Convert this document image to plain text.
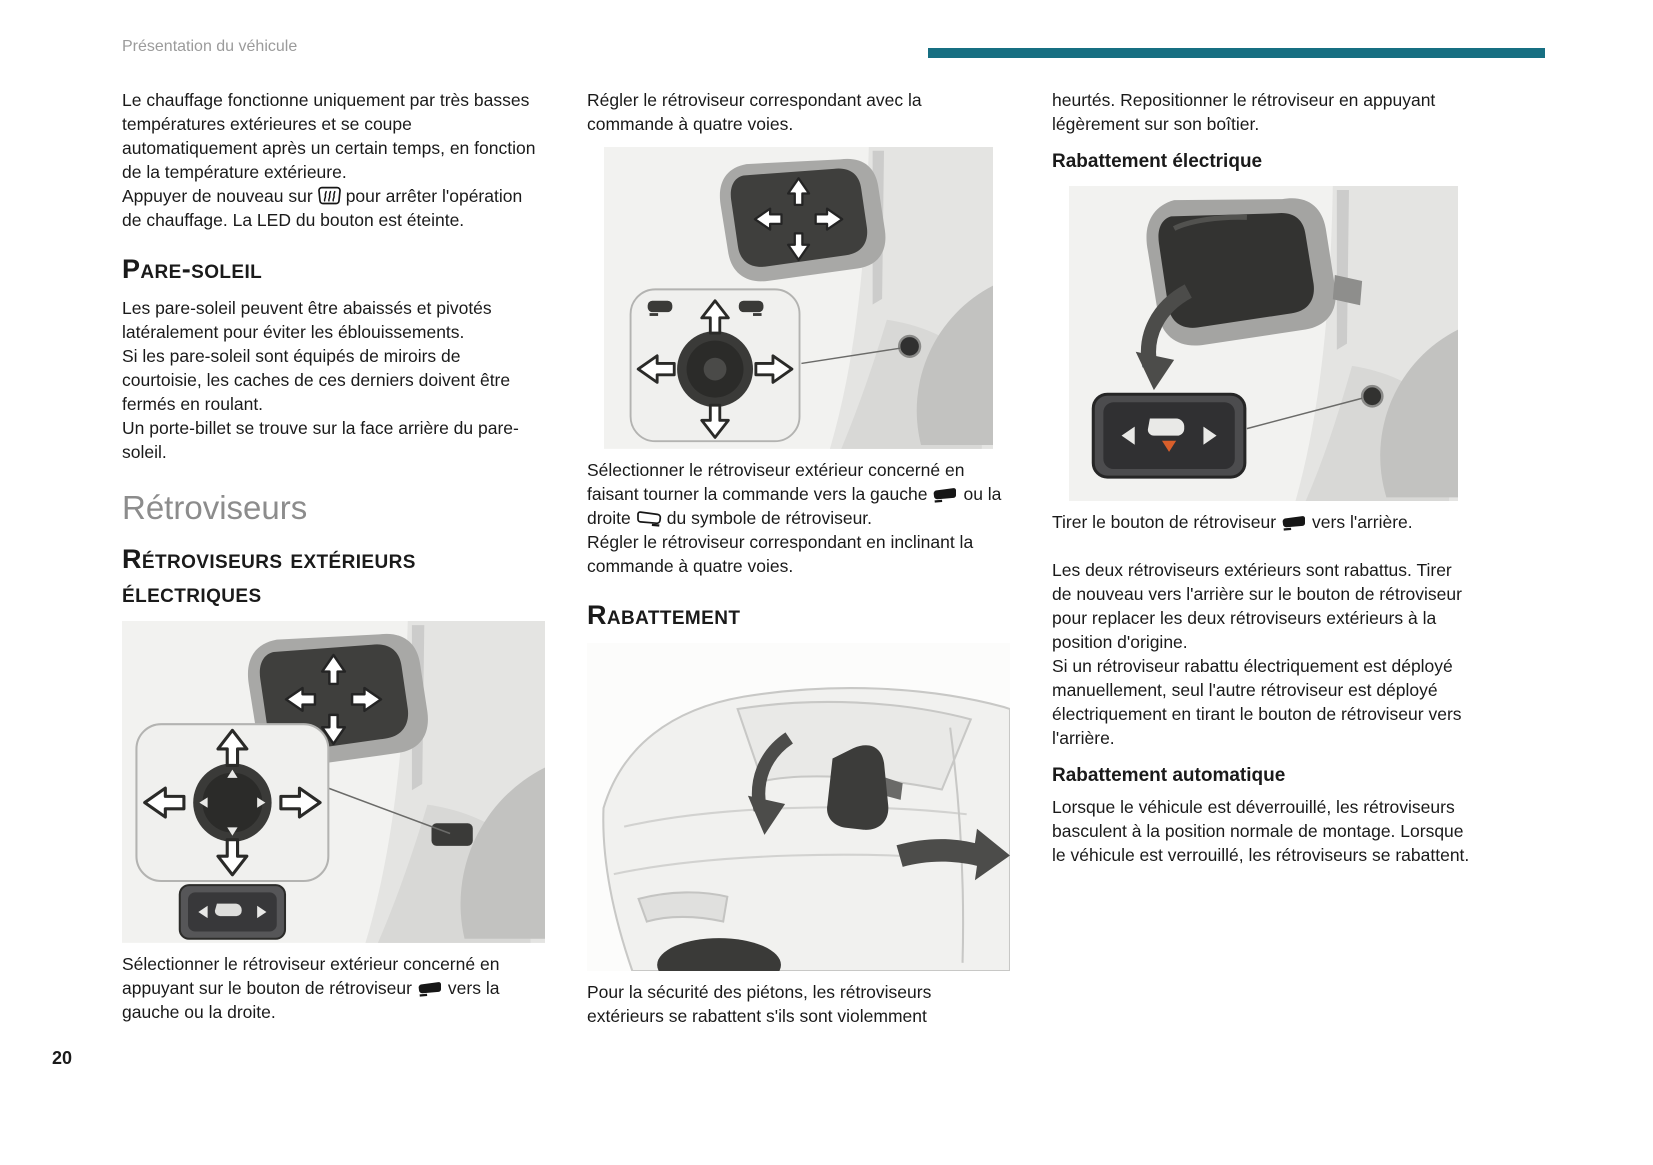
Présentation du véhicule

Le chauffage fonctionne uniquement par très basses températures extérieures et se coupe automatiquement après un certain temps, en fonction de la température extérieure.

Appuyer de nouveau sur pour arrêter l'opération de chauffage. La LED du bouton est éteinte.

Pare-soleil

Les pare-soleil peuvent être abaissés et pivotés latéralement pour éviter les éblouissements.

Si les pare-soleil sont équipés de miroirs de courtoisie, les caches de ces derniers doivent être fermés en roulant.

Un porte-billet se trouve sur la face arrière du pare-soleil.

Rétroviseurs
Rétroviseurs extérieurs électriques

Sélectionner le rétroviseur extérieur concerné en appuyant sur le bouton de rétroviseur vers la gauche ou la droite.

Régler le rétroviseur correspondant avec la commande à quatre voies.

Sélectionner le rétroviseur extérieur concerné en faisant tourner la commande vers la gauche ou la droite du symbole de rétroviseur.

Régler le rétroviseur correspondant en inclinant la commande à quatre voies.

Rabattement

Pour la sécurité des piétons, les rétroviseurs extérieurs se rabattent s'ils sont violemment

heurtés. Repositionner le rétroviseur en appuyant légèrement sur son boîtier.

Rabattement électrique

Tirer le bouton de rétroviseur vers l'arrière.

Les deux rétroviseurs extérieurs sont rabattus. Tirer de nouveau vers l'arrière sur le bouton de rétroviseur pour replacer les deux rétroviseurs extérieurs à la position d'origine.

Si un rétroviseur rabattu électriquement est déployé manuellement, seul l'autre rétroviseur est déployé électriquement en tirant le bouton de rétroviseur vers l'arrière.

Rabattement automatique

Lorsque le véhicule est déverrouillé, les rétroviseurs basculent à la position normale de montage. Lorsque le véhicule est verrouillé, les rétroviseurs se rabattent.

20
